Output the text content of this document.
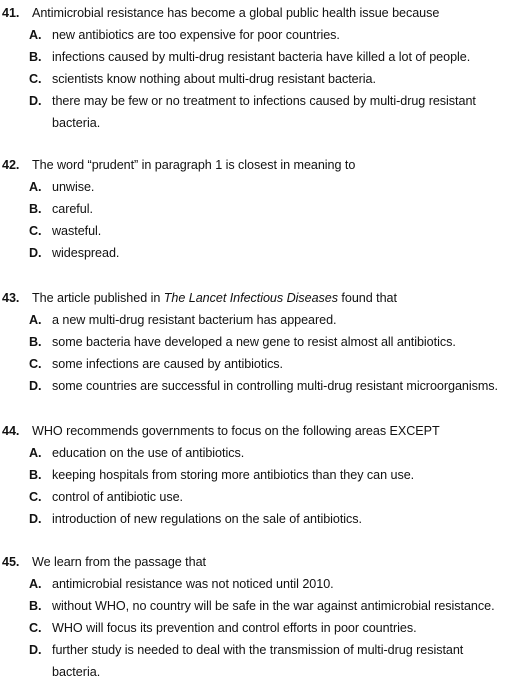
41. Antimicrobial resistance has become a global public health issue because
A. new antibiotics are too expensive for poor countries.
B. infections caused by multi-drug resistant bacteria have killed a lot of people.
C. scientists know nothing about multi-drug resistant bacteria.
D. there may be few or no treatment to infections caused by multi-drug resistant
bacteria.
42. The word “prudent” in paragraph 1 is closest in meaning to
A. unwise.
B. careful.
C. wasteful.
D. widespread.
43. The article published in The Lancet Infectious Diseases found that
A. a new multi-drug resistant bacterium has appeared.
B. some bacteria have developed a new gene to resist almost all antibiotics.
C. some infections are caused by antibiotics.
D. some countries are successful in controlling multi-drug resistant microorganisms.
44. WHO recommends governments to focus on the following areas EXCEPT
A. education on the use of antibiotics.
B. keeping hospitals from storing more antibiotics than they can use.
C. control of antibiotic use.
D. introduction of new regulations on the sale of antibiotics.
45. We learn from the passage that
A. antimicrobial resistance was not noticed until 2010.
B. without WHO, no country will be safe in the war against antimicrobial resistance.
C. WHO will focus its prevention and control efforts in poor countries.
D. further study is needed to deal with the transmission of multi-drug resistant
bacteria.
